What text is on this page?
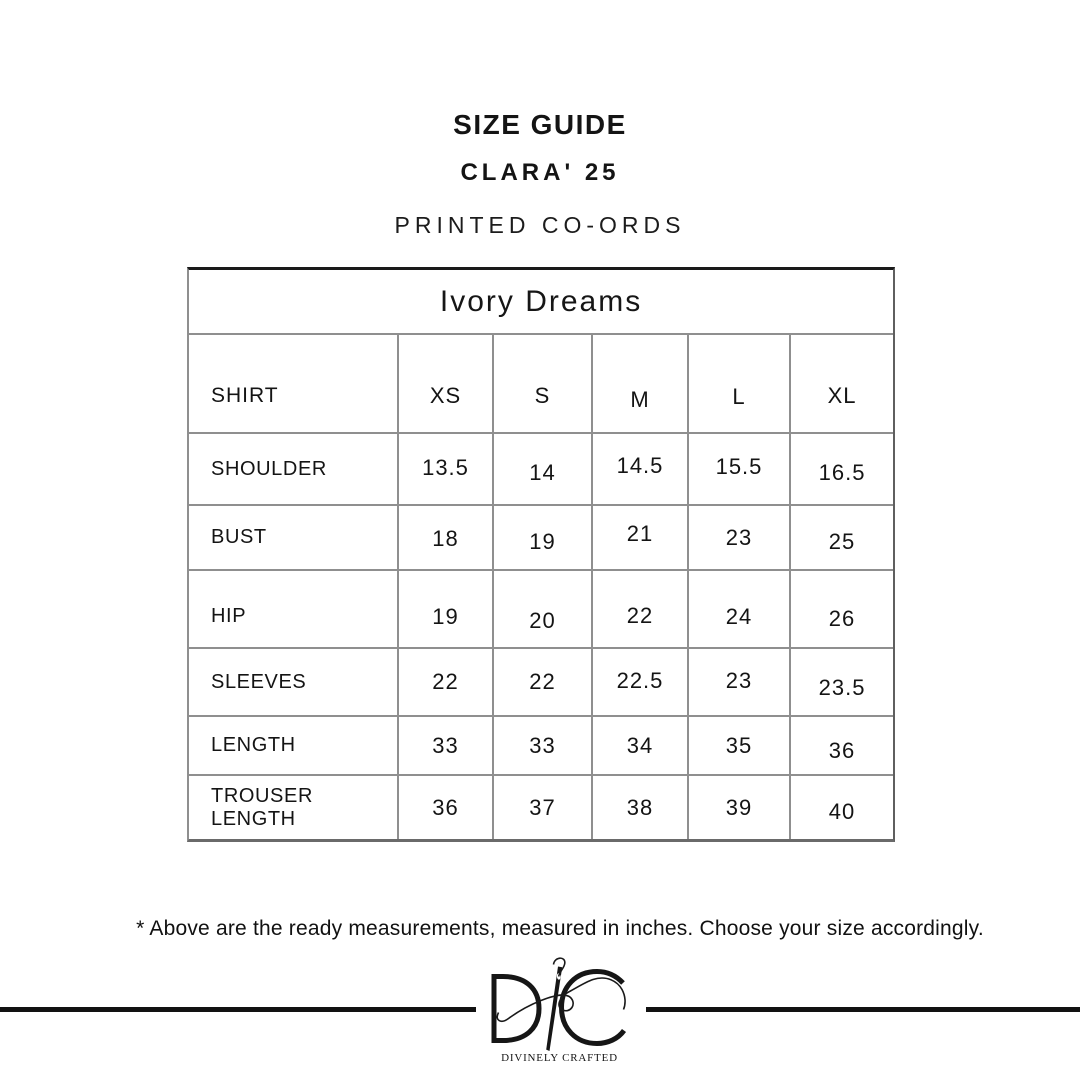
SIZE GUIDE
CLARA' 25
PRINTED CO-ORDS
Ivory Dreams					
SHIRT	XS	S	M	L	XL
SHOULDER	13.5	14	14.5	15.5	16.5
BUST	18	19	21	23	25
HIP	19	20	22	24	26
SLEEVES	22	22	22.5	23	23.5
LENGTH	33	33	34	35	36
TROUSER LENGTH	36	37	38	39	40
* Above are the ready measurements, measured in inches. Choose your size accordingly.
DIVINELY CRAFTED
